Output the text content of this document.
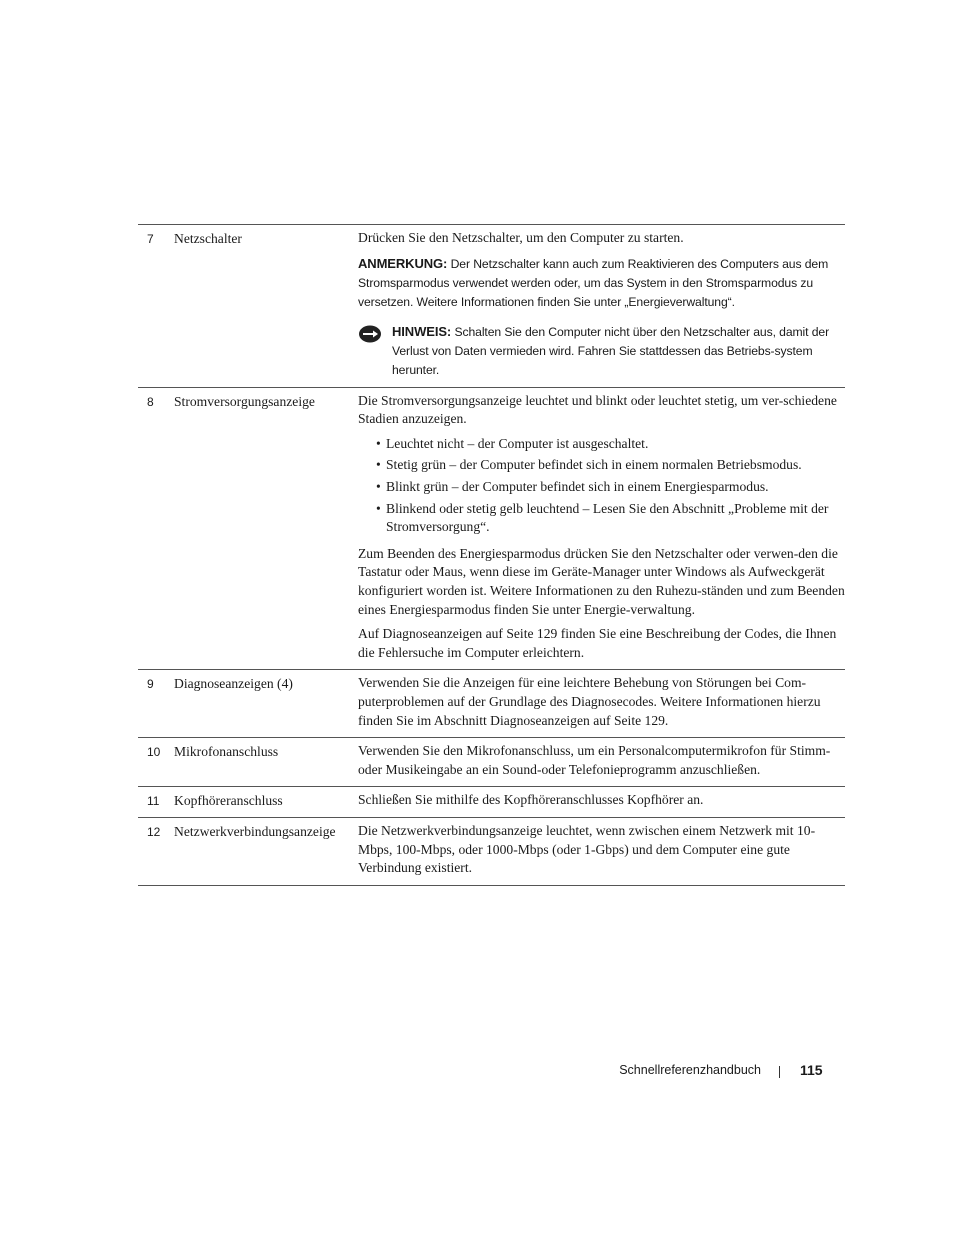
7	Netzschalter	Drücken Sie den Netzschalter, um den Computer zu starten.

ANMERKUNG: Der Netzschalter kann auch zum Reaktivieren des Computers aus dem Stromsparmodus verwendet werden oder, um das System in den Stromsparmodus zu versetzen. Weitere Informationen finden Sie unter „Energieverwaltung“.
HINWEIS: Schalten Sie den Computer nicht über den Netzschalter aus, damit der Verlust von Daten vermieden wird. Fahren Sie stattdessen das Betriebs-system herunter.
8	Stromversorgungsanzeige	Die Stromversorgungsanzeige leuchtet und blinkt oder leuchtet stetig, um ver-schiedene Stadien anzuzeigen.

• Leuchtet nicht – der Computer ist ausgeschaltet.
• Stetig grün – der Computer befindet sich in einem normalen Betriebsmodus.
• Blinkt grün – der Computer befindet sich in einem Energiesparmodus.
• Blinkend oder stetig gelb leuchtend – Lesen Sie den Abschnitt „Probleme mit der Stromversorgung“.

Zum Beenden des Energiesparmodus drücken Sie den Netzschalter oder verwen-den die Tastatur oder Maus, wenn diese im Geräte-Manager unter Windows als Aufweckgerät konfiguriert worden ist. Weitere Informationen zu den Ruhezu-ständen und zum Beenden eines Energiesparmodus finden Sie unter Energie-verwaltung.

Auf Diagnoseanzeigen auf Seite 129 finden Sie eine Beschreibung der Codes, die Ihnen die Fehlersuche im Computer erleichtern.

9	Diagnoseanzeigen (4)	Verwenden Sie die Anzeigen für eine leichtere Behebung von Störungen bei Com-puterproblemen auf der Grundlage des Diagnosecodes. Weitere Informationen hierzu finden Sie im Abschnitt Diagnoseanzeigen auf Seite 129.

10	Mikrofonanschluss	Verwenden Sie den Mikrofonanschluss, um ein Personalcomputermikrofon für Stimm- oder Musikeingabe an ein Sound-oder Telefonieprogramm anzuschließen.

11	Kopfhöreranschluss	Schließen Sie mithilfe des Kopfhöreranschlusses Kopfhörer an.

12	Netzwerkverbindungsanzeige	Die Netzwerkverbindungsanzeige leuchtet, wenn zwischen einem Netzwerk mit 10-Mbps, 100-Mbps, oder 1000-Mbps (oder 1-Gbps) und dem Computer eine gute Verbindung existiert.

Schnellreferenzhandbuch	115
